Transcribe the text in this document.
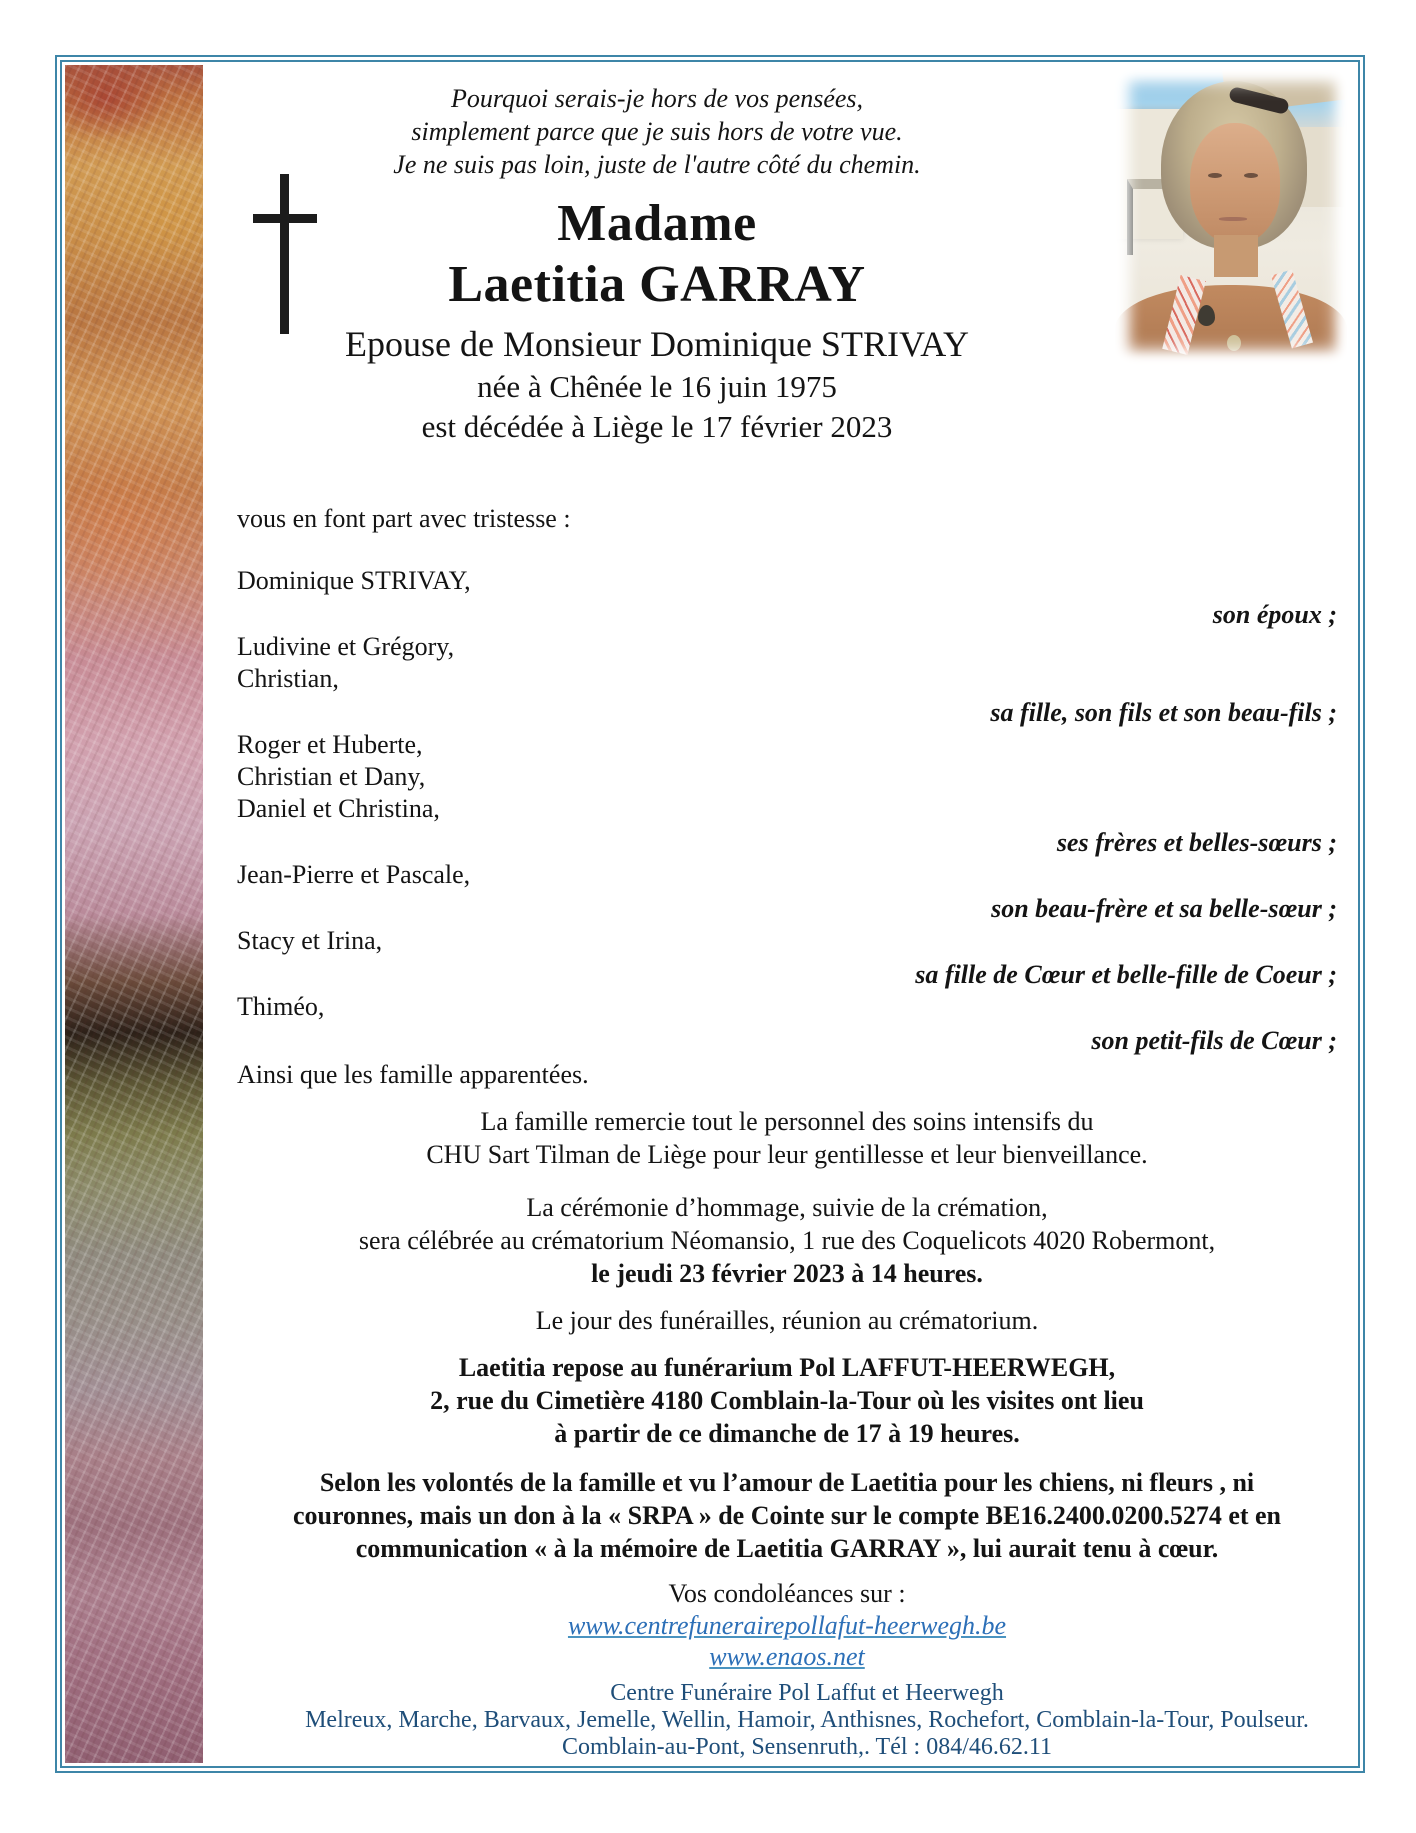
Pourquoi serais-je hors de vos pensées,
simplement parce que je suis hors de votre vue.
Je ne suis pas loin, juste de l'autre côté du chemin.
Madame
Laetitia GARRAY
Epouse de Monsieur Dominique STRIVAY
née à Chênée le 16 juin 1975
est décédée à Liège le 17 février 2023
vous en font part avec tristesse :
Dominique STRIVAY,
son époux ;
Ludivine et Grégory,
Christian,
sa fille, son fils et son beau-fils ;
Roger et Huberte,
Christian et Dany,
Daniel et Christina,
ses frères et belles-sœurs ;
Jean-Pierre et Pascale,
son beau-frère et sa belle-sœur ;
Stacy et Irina,
sa fille de Cœur et belle-fille de Coeur ;
Thiméo,
son petit-fils de Cœur ;
Ainsi que les famille apparentées.
La famille remercie tout le personnel des soins intensifs du
CHU Sart Tilman de Liège pour leur gentillesse et leur bienveillance.
La cérémonie d’hommage, suivie de la crémation,
sera célébrée au crématorium Néomansio, 1 rue des Coquelicots 4020 Robermont,
le jeudi 23 février 2023 à 14 heures.
Le jour des funérailles, réunion au crématorium.
Laetitia repose au funérarium Pol LAFFUT-HEERWEGH,
2, rue du Cimetière 4180 Comblain-la-Tour où les visites ont lieu
à partir de ce dimanche de 17 à 19 heures.
Selon les volontés de la famille et vu l’amour de Laetitia pour les chiens, ni fleurs , ni
couronnes, mais un don à la « SRPA » de Cointe sur le compte BE16.2400.0200.5274 et en
communication « à la mémoire de Laetitia GARRAY », lui aurait tenu à cœur.
Vos condoléances sur :
www.centrefunerairepollafut-heerwegh.be
www.enaos.net
Centre Funéraire Pol Laffut et Heerwegh
Melreux, Marche, Barvaux, Jemelle, Wellin, Hamoir, Anthisnes, Rochefort, Comblain-la-Tour, Poulseur.
Comblain-au-Pont, Sensenruth,. Tél : 084/46.62.11
